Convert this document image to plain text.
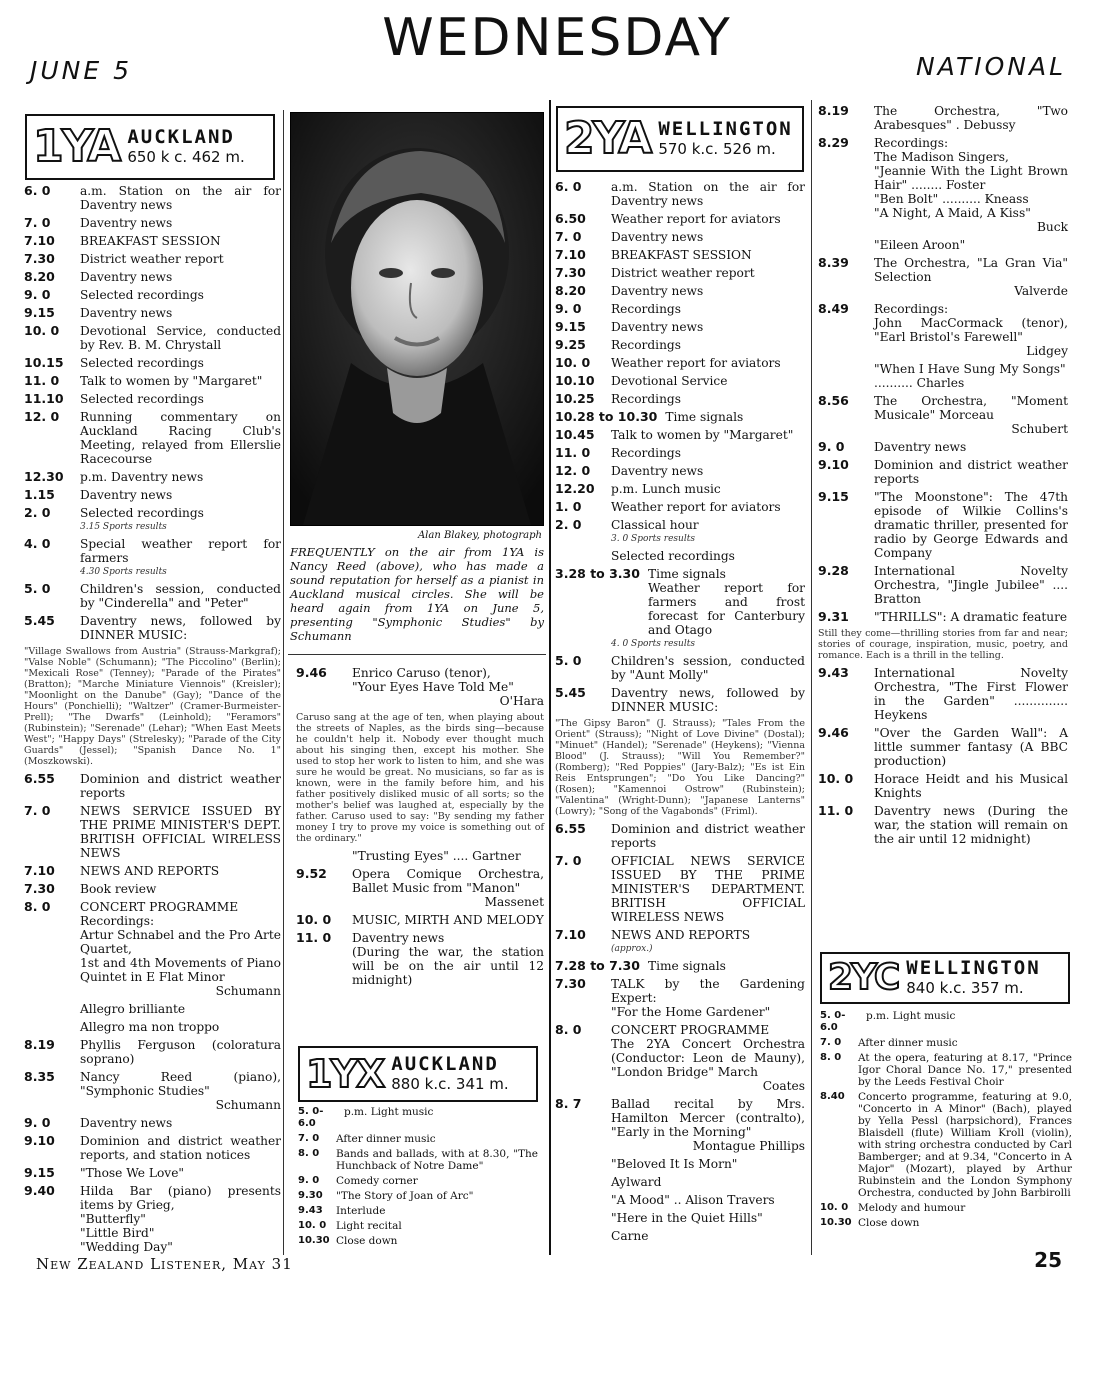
JUNE 5
WEDNESDAY	NATIONAL
1YA AUCKLAND
650 k c. 462 m.	2YA WELLINGTON
570 k.c. 526 m.
1YX AUCKLAND
880 k.c. 341 m.
2YC WELLINGTON
840 k.c. 357 m.
Alan Blakey, photograph
FREQUENTLY on the air from 1YA is Nancy Reed (above), who has made a sound reputation for herself as a pianist in Auckland musical circles. She will be heard again from 1YA on June 5, presenting "Symphonic Studies" by Schumann
6. 0	a.m. Station on the air for Daventry news
7. 0	Daventry news
7.10	BREAKFAST SESSION
7.30	District weather report
8.20	Daventry news
9. 0	Selected recordings
9.15	Daventry news
10. 0	Devotional Service, conducted by Rev. B. M. Chrystall
10.15	Selected recordings
11. 0	Talk to women by "Margaret"
11.10	Selected recordings
12. 0	Running commentary on Auckland Racing Club's Meeting, relayed from Ellerslie Racecourse
12.30	p.m. Daventry news
1.15	Daventry news
2. 0	Selected recordings
3.15 Sports results
4. 0	Special weather report for farmers
4.30 Sports results
5. 0	Children's session, conducted by "Cinderella" and "Peter"
5.45	Daventry news, followed by DINNER MUSIC:
"Village Swallows from Austria" (Strauss-Markgraf); "Valse Noble" (Schumann); "The Piccolino" (Berlin); "Mexicali Rose" (Tenney); "Parade of the Pirates" (Bratton); "Marche Miniature Viennois" (Kreisler); "Moonlight on the Danube" (Gay); "Dance of the Hours" (Ponchielli); "Waltzer" (Cramer-Burmeister-Prell); "The Dwarfs" (Leinhold); "Feramors" (Rubinstein); "Serenade" (Lehar); "When East Meets West"; "Happy Days" (Strelesky); "Parade of the City Guards" (Jessel); "Spanish Dance No. 1" (Moszkowski).
6.55	Dominion and district weather reports
7. 0	NEWS SERVICE ISSUED BY THE PRIME MINISTER'S DEPT. BRITISH OFFICIAL WIRELESS NEWS
7.10	NEWS AND REPORTS
7.30	Book review
8. 0	CONCERT PROGRAMME
Recordings:
Artur Schnabel and the Pro Arte Quartet,
1st and 4th Movements of Piano Quintet in E Flat Minor
Schumann
Allegro brilliante
Allegro ma non troppo
8.19	Phyllis Ferguson (coloratura soprano)
8.35	Nancy Reed (piano), "Symphonic Studies"
Schumann
9. 0	Daventry news
9.10	Dominion and district weather reports, and station notices
9.15	"Those We Love"
9.40	Hilda Bar (piano) presents items by Grieg,
"Butterfly"
"Little Bird"
"Wedding Day"
9.46	Enrico Caruso (tenor),
"Your Eyes Have Told Me"
O'Hara
Caruso sang at the age of ten, when playing about the streets of Naples, as the birds sing—because he couldn't help it. Nobody ever thought much about his singing then, except his mother. She used to stop her work to listen to him, and she was sure he would be great. No musicians, so far as is known, were in the family before him, and his father positively disliked music of all sorts; so the mother's belief was laughed at, especially by the father. Caruso used to say: "By sending my father money I try to prove my voice is something out of the ordinary."
"Trusting Eyes" .... Gartner
9.52	Opera Comique Orchestra, Ballet Music from "Manon"
Massenet
10. 0	MUSIC, MIRTH AND MELODY
11. 0	Daventry news
(During the war, the station will be on the air until 12 midnight)
5. 0-6.0
p.m. Light music
7. 0	After dinner music
8. 0	Bands and ballads, with at 8.30, "The Hunchback of Notre Dame"
9. 0	Comedy corner
9.30	"The Story of Joan of Arc"
9.43	Interlude
10. 0 Light recital
10.30 Close down
6. 0	a.m. Station on the air for Daventry news
6.50	Weather report for aviators
7. 0	Daventry news
7.10	BREAKFAST SESSION
7.30	District weather report
8.20	Daventry news
9. 0	Recordings
9.15	Daventry news
9.25	Recordings
10. 0	Weather report for aviators
10.10	Devotional Service
10.25	Recordings
10.28 to 10.30 Time signals
10.45	Talk to women by "Margaret"
11. 0	Recordings
12. 0	Daventry news
12.20	p.m. Lunch music
1. 0	Weather report for aviators
2. 0	Classical hour
3. 0 Sports results
Selected recordings
3.28 to 3.30 Time signals
Weather report for farmers and frost forecast for Canterbury and Otago
4. 0 Sports results
5. 0	Children's session, conducted by "Aunt Molly"
5.45	Daventry news, followed by DINNER MUSIC:
"The Gipsy Baron" (J. Strauss); "Tales From the Orient" (Strauss); "Night of Love Divine" (Dostal); "Minuet" (Handel); "Serenade" (Heykens); "Vienna Blood" (J. Strauss); "Will You Remember?" (Romberg); "Red Poppies" (Jary-Balz); "Es ist Ein Reis Entsprungen"; "Do You Like Dancing?" (Rosen); "Kamennoi Ostrow" (Rubinstein); "Valentina" (Wright-Dunn); "Japanese Lanterns" (Lowry); "Song of the Vagabonds" (Friml).
6.55	Dominion and district weather reports
7. 0	OFFICIAL NEWS SERVICE ISSUED BY THE PRIME MINISTER'S DEPARTMENT. BRITISH OFFICIAL WIRELESS NEWS
7.10	NEWS AND REPORTS
(approx.)
7.28 to 7.30 Time signals
7.30	TALK by the Gardening Expert:
"For the Home Gardener"
8. 0	CONCERT PROGRAMME
The 2YA Concert Orchestra (Conductor: Leon de Mauny), "London Bridge" March
Coates
8. 7	Ballad recital by Mrs. Hamilton Mercer (contralto), "Early in the Morning"
Montague Phillips
"Beloved It Is Morn"
Aylward
"A Mood" .. Alison Travers
"Here in the Quiet Hills"
Carne
8.19	The Orchestra, "Two Arabesques" . Debussy
8.29	Recordings:
The Madison Singers,
"Jeannie With the Light Brown Hair" ........ Foster
"Ben Bolt" .......... Kneass
"A Night, A Maid, A Kiss"
Buck
"Eileen Aroon"
8.39	The Orchestra, "La Gran Via" Selection
Valverde
8.49	Recordings:
John MacCormack (tenor), "Earl Bristol's Farewell"
Lidgey
"When I Have Sung My Songs" .......... Charles
8.56	The Orchestra, "Moment Musicale" Morceau
Schubert
9. 0	Daventry news
9.10	Dominion and district weather reports
9.15	"The Moonstone": The 47th episode of Wilkie Collins's dramatic thriller, presented for radio by George Edwards and Company
9.28	International Novelty Orchestra, "Jingle Jubilee" .... Bratton
9.31	"THRILLS": A dramatic feature
Still they come—thrilling stories from far and near; stories of courage, inspiration, music, poetry, and romance. Each is a thrill in the telling.
9.43	International Novelty Orchestra, "The First Flower in the Garden" .............. Heykens
9.46	"Over the Garden Wall": A little summer fantasy (A BBC production)
10. 0	Horace Heidt and his Musical Knights
11. 0	Daventry news (During the war, the station will remain on the air until 12 midnight)
5. 0-6.0
p.m. Light music
7. 0	After dinner music
8. 0	At the opera, featuring at 8.17, "Prince Igor Choral Dance No. 17," presented by the Leeds Festival Choir
8.40	Concerto programme, featuring at 9.0, "Concerto in A Minor" (Bach), played by Yella Pessl (harpsichord), Frances Blaisdell (flute) William Kroll (violin), with string orchestra conducted by Carl Bamberger; and at 9.34, "Concerto in A Major" (Mozart), played by Arthur Rubinstein and the London Symphony Orchestra, conducted by John Barbirolli
10. 0 Melody and humour
10.30 Close down
New Zealand Listener, May 31	25
